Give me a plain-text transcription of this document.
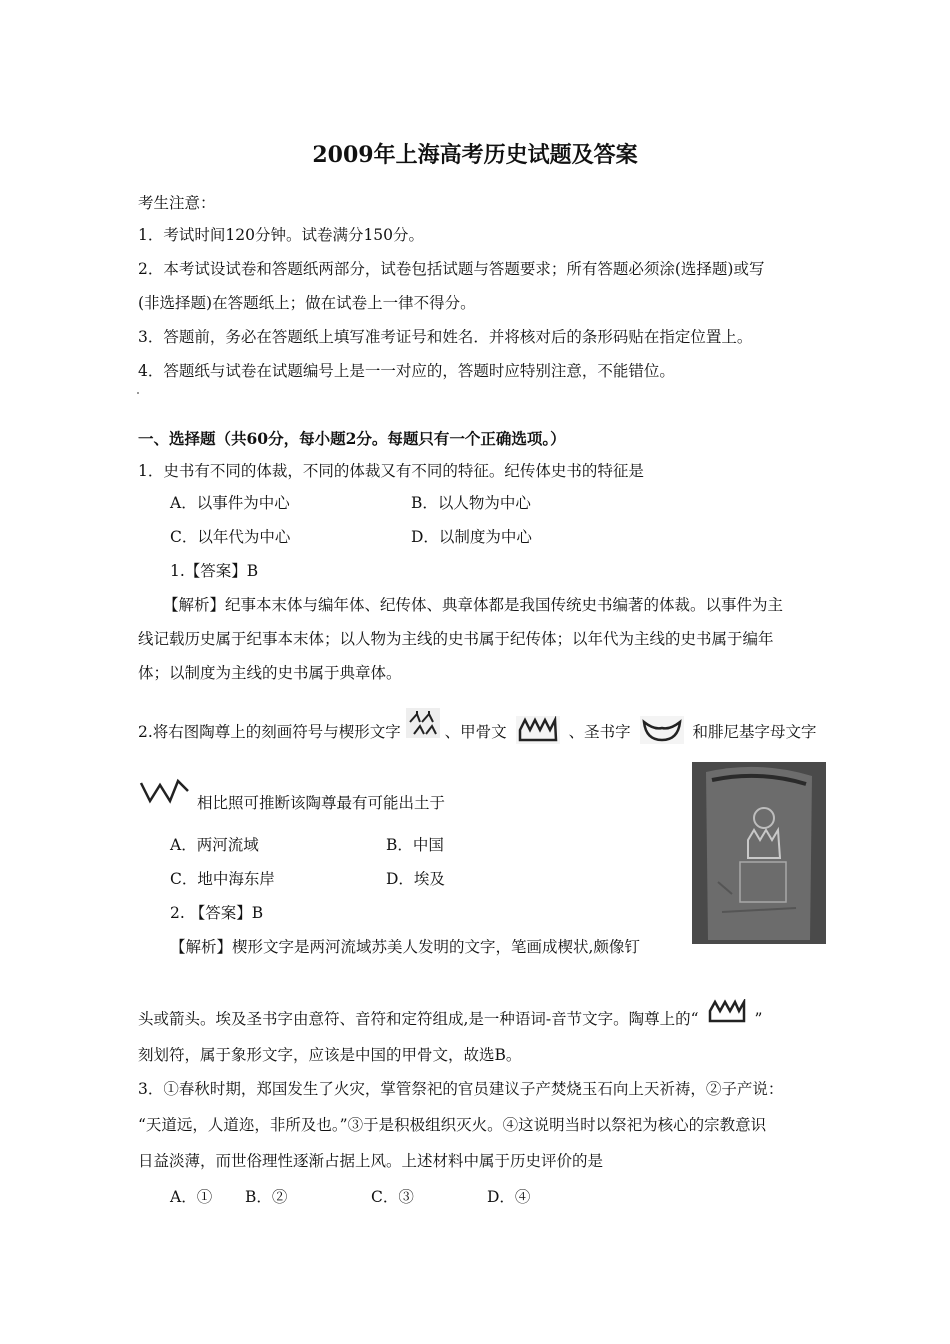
2009年上海高考历史试题及答案
考生注意：
1．考试时间120分钟。试卷满分150分。
2．本考试设试卷和答题纸两部分，试卷包括试题与答题要求；所有答题必须涂(选择题)或写
(非选择题)在答题纸上；做在试卷上一律不得分。
3．答题前，务必在答题纸上填写准考证号和姓名．并将核对后的条形码贴在指定位置上。
4．答题纸与试卷在试题编号上是一一对应的，答题时应特别注意，不能错位。
一、选择题（共60分，每小题2分。每题只有一个正确选项。）
1．史书有不同的体裁，不同的体裁又有不同的特征。纪传体史书的特征是
A．以事件为中心	B．以人物为中心
C．以年代为中心	D．以制度为中心
1.【答案】B
【解析】纪事本末体与编年体、纪传体、典章体都是我国传统史书编著的体裁。以事件为主
线记载历史属于纪事本末体；以人物为主线的史书属于纪传体；以年代为主线的史书属于编年
体；以制度为主线的史书属于典章体。
2.将右图陶尊上的刻画符号与楔形文字	、甲骨文	、圣书字	和腓尼基字母文字
相比照可推断该陶尊最有可能出土于
A．两河流域	B．中国
C．地中海东岸	D．埃及
2. 【答案】B
【解析】楔形文字是两河流域苏美人发明的文字，笔画成楔状,颇像钉
头或箭头。埃及圣书字由意符、音符和定符组成,是一种语词-音节文字。陶尊上的“	”
刻划符，属于象形文字，应该是中国的甲骨文，故选B。
3．①春秋时期，郑国发生了火灾，掌管祭祀的官员建议子产焚烧玉石向上天祈祷，②子产说：
“天道远，人道迩，非所及也。”③于是积极组织灭火。④这说明当时以祭祀为核心的宗教意识
日益淡薄，而世俗理性逐渐占据上风。上述材料中属于历史评价的是
A．① B．②	C．③	D．④
